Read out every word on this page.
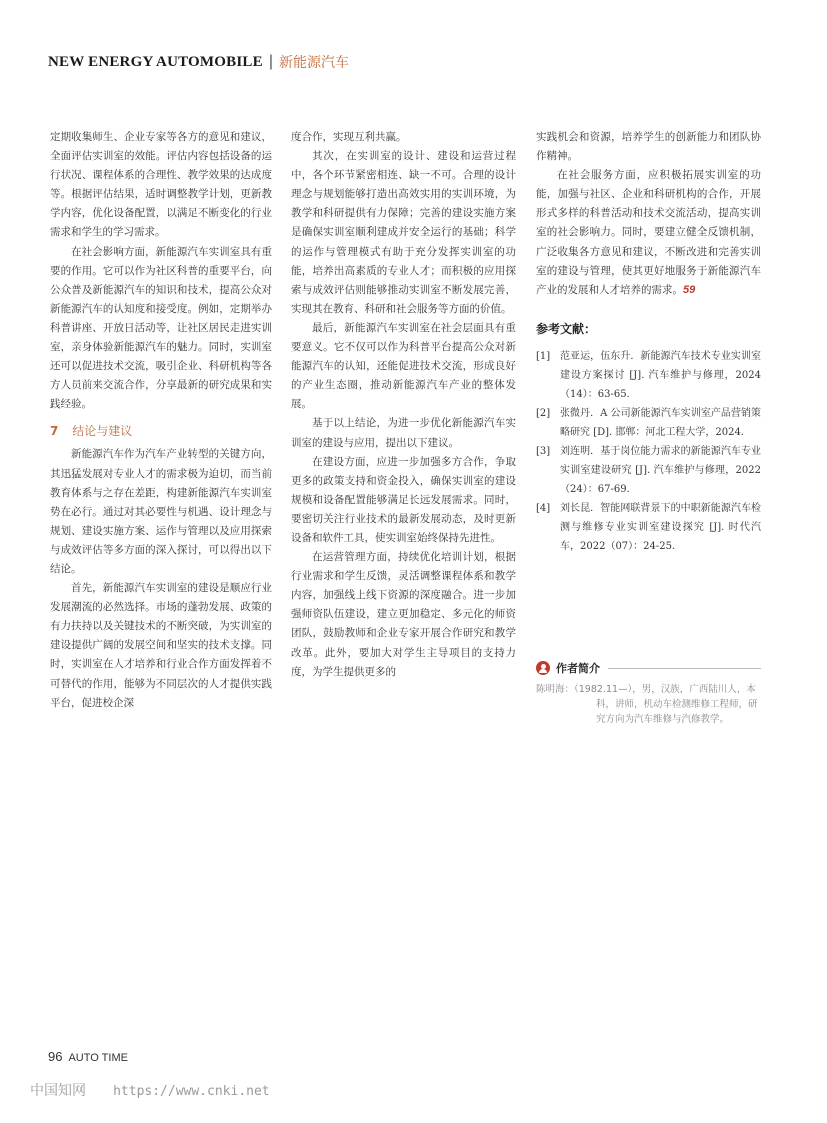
NEW ENERGY AUTOMOBILE | 新能源汽车

定期收集师生、企业专家等各方的意见和建议，全面评估实训室的效能。评估内容包括设备的运行状况、课程体系的合理性、教学效果的达成度等。根据评估结果，适时调整教学计划，更新教学内容，优化设备配置，以满足不断变化的行业需求和学生的学习需求。

在社会影响方面，新能源汽车实训室具有重要的作用。它可以作为社区科普的重要平台，向公众普及新能源汽车的知识和技术，提高公众对新能源汽车的认知度和接受度。例如，定期举办科普讲座、开放日活动等，让社区居民走进实训室，亲身体验新能源汽车的魅力。同时，实训室还可以促进技术交流，吸引企业、科研机构等各方人员前来交流合作，分享最新的研究成果和实践经验。

7 结论与建议

新能源汽车作为汽车产业转型的关键方向，其迅猛发展对专业人才的需求极为迫切，而当前教育体系与之存在差距，构建新能源汽车实训室势在必行。通过对其必要性与机遇、设计理念与规划、建设实施方案、运作与管理以及应用探索与成效评估等多方面的深入探讨，可以得出以下结论。

首先，新能源汽车实训室的建设是顺应行业发展潮流的必然选择。市场的蓬勃发展、政策的有力扶持以及关键技术的不断突破，为实训室的建设提供广阔的发展空间和坚实的技术支撑。同时，实训室在人才培养和行业合作方面发挥着不可替代的作用，能够为不同层次的人才提供实践平台，促进校企深

度合作，实现互利共赢。

其次，在实训室的设计、建设和运营过程中，各个环节紧密相连、缺一不可。合理的设计理念与规划能够打造出高效实用的实训环境，为教学和科研提供有力保障；完善的建设实施方案是确保实训室顺利建成并安全运行的基础；科学的运作与管理模式有助于充分发挥实训室的功能，培养出高素质的专业人才；而积极的应用探索与成效评估则能够推动实训室不断发展完善，实现其在教育、科研和社会服务等方面的价值。

最后，新能源汽车实训室在社会层面具有重要意义。它不仅可以作为科普平台提高公众对新能源汽车的认知，还能促进技术交流，形成良好的产业生态圈，推动新能源汽车产业的整体发展。

基于以上结论，为进一步优化新能源汽车实训室的建设与应用，提出以下建议。

在建设方面，应进一步加强多方合作，争取更多的政策支持和资金投入，确保实训室的建设规模和设备配置能够满足长远发展需求。同时，要密切关注行业技术的最新发展动态，及时更新设备和软件工具，使实训室始终保持先进性。

在运营管理方面，持续优化培训计划，根据行业需求和学生反馈，灵活调整课程体系和教学内容，加强线上线下资源的深度融合。进一步加强师资队伍建设，建立更加稳定、多元化的师资团队，鼓励教师和企业专家开展合作研究和教学改革。此外，要加大对学生主导项目的支持力度，为学生提供更多的

实践机会和资源，培养学生的创新能力和团队协作精神。

在社会服务方面，应积极拓展实训室的功能，加强与社区、企业和科研机构的合作，开展形式多样的科普活动和技术交流活动，提高实训室的社会影响力。同时，要建立健全反馈机制，广泛收集各方意见和建议，不断改进和完善实训室的建设与管理，使其更好地服务于新能源汽车产业的发展和人才培养的需求。59

参考文献：
[1] 范亚运，伍东升．新能源汽车技术专业实训室建设方案探讨 [J]. 汽车维护与修理，2024（14）：63-65.
[2] 张微丹．A 公司新能源汽车实训室产品营销策略研究 [D]. 邯郸：河北工程大学，2024.
[3] 刘连明．基于岗位能力需求的新能源汽车专业实训室建设研究 [J]. 汽车维护与修理，2022（24）：67-69.
[4] 刘长昆．智能网联背景下的中职新能源汽车检测与维修专业实训室建设探究 [J]. 时代汽车，2022（07）：24-25.
作者简介
陈明海：（1982.11—），男，汉族，广西陆川人，本科，讲师，机动车检测维修工程师，研究方向为汽车维修与汽修教学。
96 AUTO TIME
中国知网 https://www.cnki.net
